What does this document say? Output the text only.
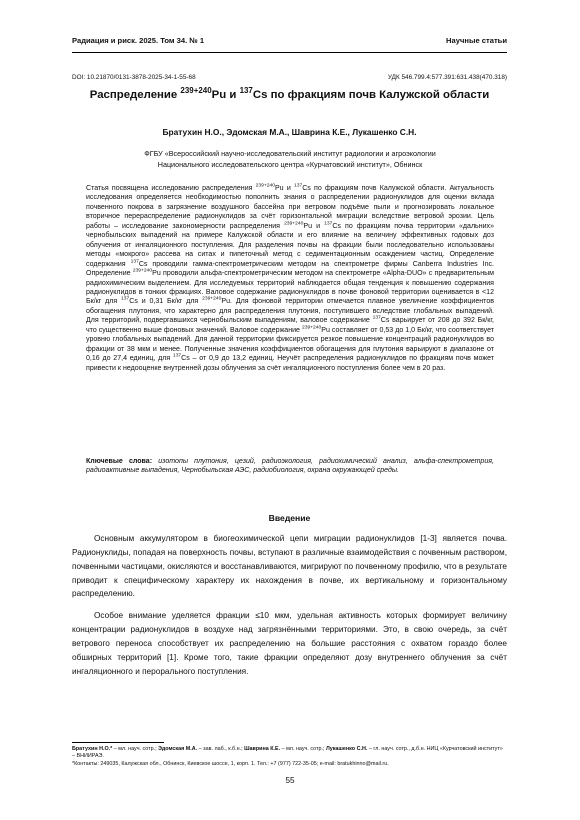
Радиация и риск. 2025. Том 34. № 1	Научные статьи
DOI: 10.21870/0131-3878-2025-34-1-55-68	УДК 546.799.4:577.391:631.438(470.318)
Распределение $^{239+240}$Pu и $^{137}$Cs по фракциям почв Калужской области
Братухин Н.О., Эдомская М.А., Шаврина К.Е., Лукашенко С.Н.
ФГБУ «Всероссийский научно-исследовательский институт радиологии и агроэкологии
Национального исследовательского центра «Курчатовский институт», Обнинск

Статья посвящена исследованию распределения $^{239+240}$Pu и $^{137}$Cs по фракциям почв Калужской области. Актуальность исследования определяется необходимостью пополнить знания о распределении радионуклидов для оценки вклада почвенного покрова в загрязнение воздушного бассейна при ветровом подъёме пыли и прогнозировать локальное вторичное перераспределение радионуклидов за счёт горизонтальной миграции вследствие ветровой эрозии. Цель работы – исследование закономерности распределения $^{239+240}$Pu и $^{137}$Cs по фракциям почва территории «дальних» чернобыльских выпадений на примере Калужской области и его влияние на величину эффективных годовых доз облучения от ингаляционного поступления. Для разделения почвы на фракции были последовательно использованы методы «мокрого» рассева на ситах и пипеточный метод с седиментационным осаждением частиц. Определение содержания $^{137}$Cs проводили гамма-спектрометрическим методом на спектрометре фирмы Canberra Industries Inc. Определение $^{239+240}$Pu проводили альфа-спектрометрическим методом на спектрометре «Alpha-DUO» с предварительным радиохимическим выделением. Для исследуемых территорий наблюдается общая тенденция к повышению содержания радионуклидов в тонких фракциях. Валовое содержание радионуклидов в почве фоновой территории оценивается в <12 Бк/кг для $^{137}$Cs и 0,31 Бк/кг для $^{239+240}$Pu. Для фоновой территории отмечается плавное увеличение коэффициентов обогащения плутония, что характерно для распределения плутония, поступившего вследствие глобальных выпадений. Для территорий, подвергавшихся чернобыльским выпадениям, валовое содержание $^{137}$Cs варьирует от 208 до 392 Бк/кг, что существенно выше фоновых значений. Валовое содержание $^{239+240}$Pu составляет от 0,53 до 1,0 Бк/кг, что соответствует уровню глобальных выпадений. Для данной территории фиксируется резкое повышение концентраций радионуклидов во фракции от 38 мкм и менее. Полученные значения коэффициентов обогащения для плутония варьируют в диапазоне от 0,16 до 27,4 единиц, для $^{137}$Cs – от 0,9 до 13,2 единиц. Неучёт распределения радионуклидов по фракциям почв может привести к недооценке внутренней дозы облучения за счёт ингаляционного поступления более чем в 20 раз.

Ключевые слова: изотопы плутония, цезий, радиоэкология, радиохимический анализ, альфа-спектрометрия, радиоактивные выпадения, Чернобыльская АЭС, радиобиология, охрана окружающей среды.
Введение

Основным аккумулятором в биогеохимической цепи миграции радионуклидов [1-3] является почва. Радионуклиды, попадая на поверхность почвы, вступают в различные взаимодействия с почвенным раствором, почвенными частицами, окисляются и восстанавливаются, мигрируют по почвенному профилю, что в результате приводит к специфическому характеру их нахождения в почве, их вертикальному и горизонтальному распределению.

Особое внимание уделяется фракции ≤10 мкм, удельная активность которых формирует величину концентрации радионуклидов в воздухе над загрязнёнными территориями. Это, в свою очередь, за счёт ветрового переноса способствует их распределению на большие расстояния с охватом гораздо более обширных территорий [1]. Кроме того, такие фракции определяют дозу внутреннего облучения за счёт ингаляционного и перорального поступления.

Братухин Н.О.* – мл. науч. сотр.; Эдомская М.А. – зав. лаб., к.б.н.; Шаврина К.Е. – мл. науч. сотр.; Лукашенко С.Н. – гл. науч. сотр., д.б.н. НИЦ «Курчатовский институт» – ВНИИРАЭ.

*Контакты: 249035, Калужская обл., Обнинск, Киевское шоссе, 1, корп. 1. Тел.: +7 (977) 722-35-05; e-mail: bratukhinno@mail.ru.

55
